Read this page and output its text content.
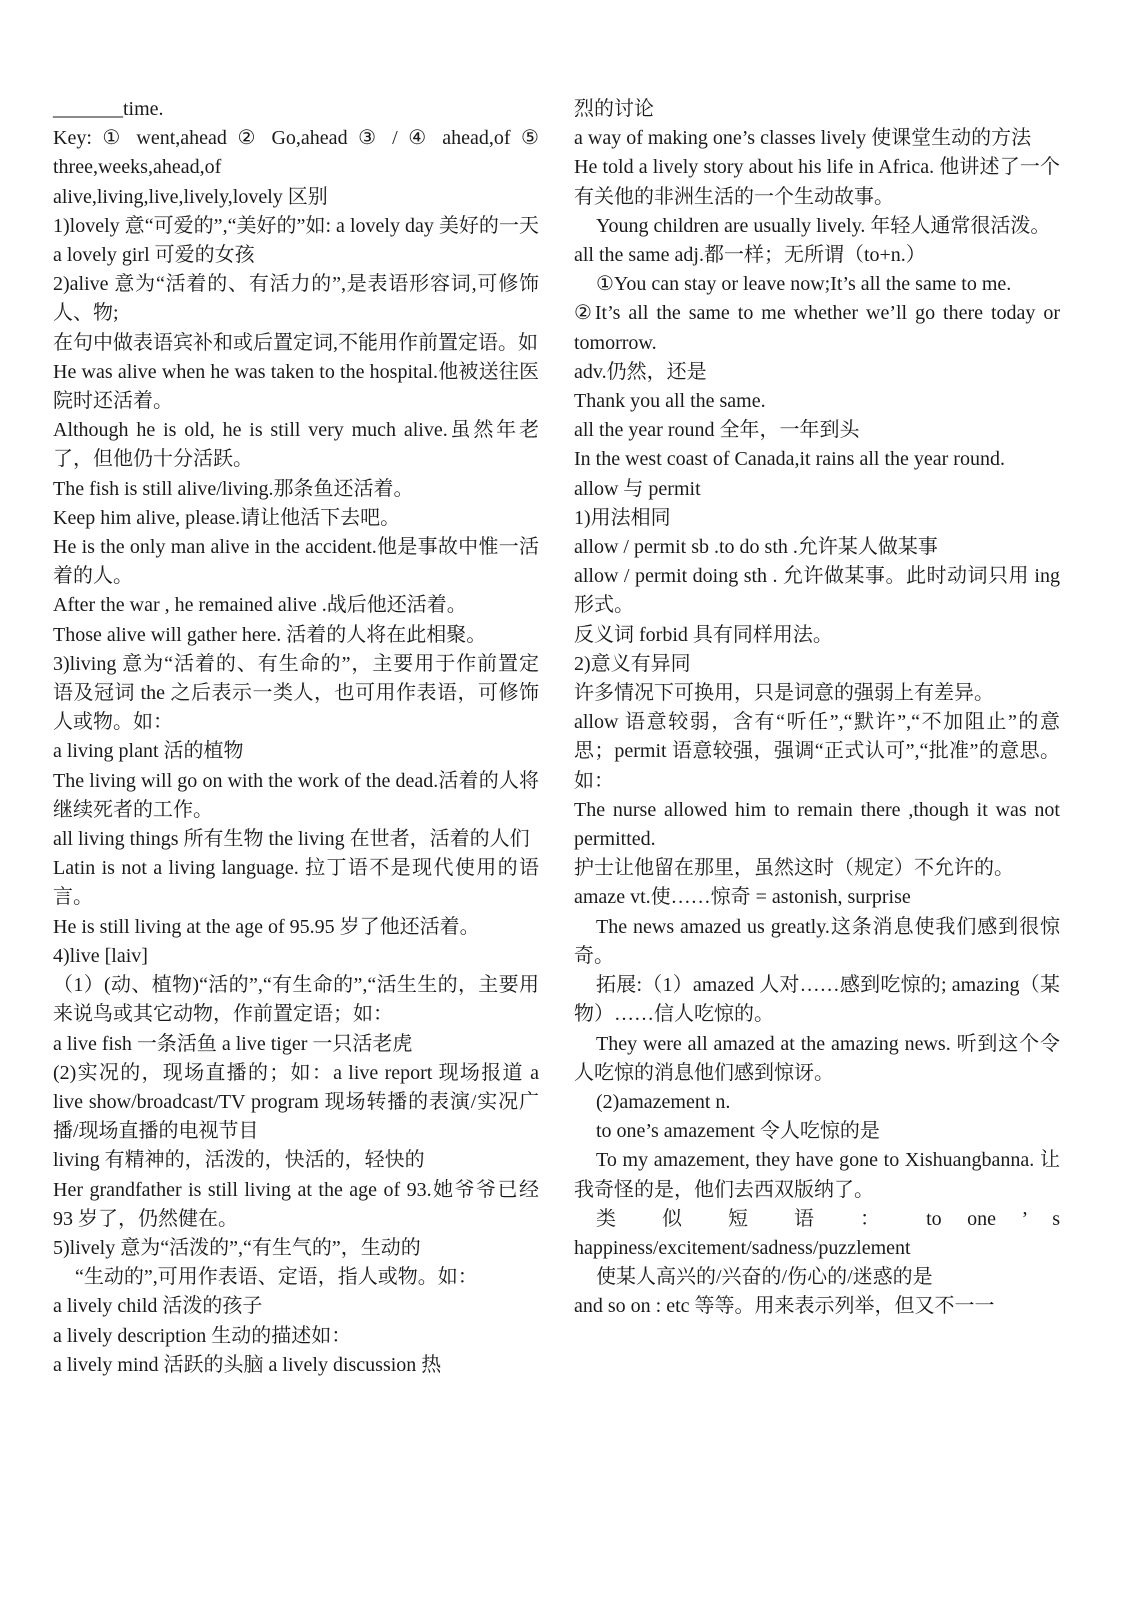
_______time.

Key: ① went,ahead ② Go,ahead ③ / ④ ahead,of ⑤ three,weeks,ahead,of

alive,living,live,lively,lovely 区别

1)lovely 意“可爱的”,“美好的”如: a lovely day 美好的一天 a lovely girl 可爱的女孩

2)alive 意为“活着的、有活力的”,是表语形容词,可修饰人、物;

在句中做表语宾补和或后置定词,不能用作前置定语。如

He was alive when he was taken to the hospital.他被送往医院时还活着。

Although he is old, he is still very much alive.虽然年老了，但他仍十分活跃。

The fish is still alive/living.那条鱼还活着。

Keep him alive, please.请让他活下去吧。

He is the only man alive in the accident.他是事故中惟一活着的人。

After the war , he remained alive .战后他还活着。

Those alive will gather here. 活着的人将在此相聚。

3)living 意为“活着的、有生命的”，主要用于作前置定语及冠词 the 之后表示一类人，也可用作表语，可修饰人或物。如：

a living plant 活的植物

The living will go on with the work of the dead.活着的人将继续死者的工作。

all living things 所有生物 the living 在世者，活着的人们

Latin is not a living language. 拉丁语不是现代使用的语言。

He is still living at the age of 95.95 岁了他还活着。

4)live [laiv]

（1）(动、植物)“活的”,“有生命的”,“活生生的，主要用来说鸟或其它动物，作前置定语；如：

a live fish 一条活鱼 a live tiger 一只活老虎

(2)实况的，现场直播的；如：a live report 现场报道 a live show/broadcast/TV program 现场转播的表演/实况广播/现场直播的电视节目

living 有精神的，活泼的，快活的，轻快的

Her grandfather is still living at the age of 93.她爷爷已经 93 岁了，仍然健在。

5)lively 意为“活泼的”,“有生气的”，生动的

“生动的”,可用作表语、定语，指人或物。如：

a lively child 活泼的孩子

a lively description 生动的描述如：

a lively mind 活跃的头脑 a lively discussion 热

烈的讨论

a way of making one’s classes lively 使课堂生动的方法

He told a lively story about his life in Africa. 他讲述了一个有关他的非洲生活的一个生动故事。

Young children are usually lively. 年轻人通常很活泼。

all the same adj.都一样；无所谓（to+n.）

①You can stay or leave now;It’s all the same to me.

②It’s all the same to me whether we’ll go there today or tomorrow.

adv.仍然，还是

Thank you all the same.

all the year round 全年，一年到头

In the west coast of Canada,it rains all the year round.

allow 与 permit

1)用法相同

allow / permit sb .to do sth .允许某人做某事

allow / permit doing sth . 允许做某事。此时动词只用 ing 形式。

反义词 forbid 具有同样用法。

2)意义有异同

许多情况下可换用，只是词意的强弱上有差异。

allow 语意较弱，含有“听任”,“默许”,“不加阻止”的意思；permit 语意较强，强调“正式认可”,“批准”的意思。如：

The nurse allowed him to remain there ,though it was not permitted.

护士让他留在那里，虽然这时（规定）不允许的。

amaze vt.使……惊奇 = astonish, surprise

The news amazed us greatly.这条消息使我们感到很惊奇。

拓展:（1）amazed 人对……感到吃惊的; amazing（某物）……信人吃惊的。

They were all amazed at the amazing news. 听到这个令人吃惊的消息他们感到惊讶。

(2)amazement n.

to one’s amazement 令人吃惊的是

To my amazement, they have gone to Xishuangbanna. 让我奇怪的是，他们去西双版纳了。

类 似 短 语 ： to one ’ s

happiness/excitement/sadness/puzzlement

使某人高兴的/兴奋的/伤心的/迷惑的是

and so on : etc 等等。用来表示列举，但又不一一
